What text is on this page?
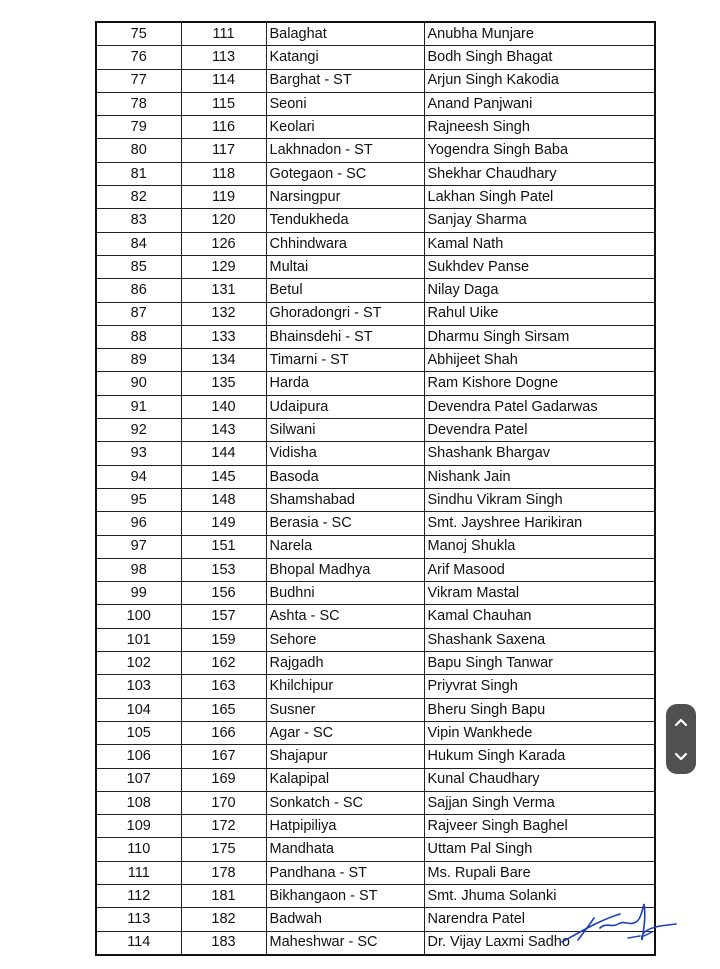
75	111	Balaghat	Anubha Munjare
76	113	Katangi	Bodh Singh Bhagat
77	114	Barghat - ST	Arjun Singh Kakodia
78	115	Seoni	Anand Panjwani
79	116	Keolari	Rajneesh Singh
80	117	Lakhnadon - ST	Yogendra Singh Baba
81	118	Gotegaon - SC	Shekhar Chaudhary
82	119	Narsingpur	Lakhan Singh Patel
83	120	Tendukheda	Sanjay Sharma
84	126	Chhindwara	Kamal Nath
85	129	Multai	Sukhdev Panse
86	131	Betul	Nilay Daga
87	132	Ghoradongri - ST	Rahul Uike
88	133	Bhainsdehi - ST	Dharmu Singh Sirsam
89	134	Timarni - ST	Abhijeet Shah
90	135	Harda	Ram Kishore Dogne
91	140	Udaipura	Devendra Patel Gadarwas
92	143	Silwani	Devendra Patel
93	144	Vidisha	Shashank Bhargav
94	145	Basoda	Nishank Jain
95	148	Shamshabad	Sindhu Vikram Singh
96	149	Berasia - SC	Smt. Jayshree Harikiran
97	151	Narela	Manoj Shukla
98	153	Bhopal Madhya	Arif Masood
99	156	Budhni	Vikram Mastal
100	157	Ashta - SC	Kamal Chauhan
101	159	Sehore	Shashank Saxena
102	162	Rajgadh	Bapu Singh Tanwar
103	163	Khilchipur	Priyvrat Singh
104	165	Susner	Bheru Singh Bapu
105	166	Agar - SC	Vipin Wankhede
106	167	Shajapur	Hukum Singh Karada
107	169	Kalapipal	Kunal Chaudhary
108	170	Sonkatch - SC	Sajjan Singh Verma
109	172	Hatpipiliya	Rajveer Singh Baghel
110	175	Mandhata	Uttam Pal Singh
111	178	Pandhana - ST	Ms. Rupali Bare
112	181	Bikhangaon - ST	Smt. Jhuma Solanki
113	182	Badwah	Narendra Patel
114	183	Maheshwar - SC	Dr. Vijay Laxmi Sadho
